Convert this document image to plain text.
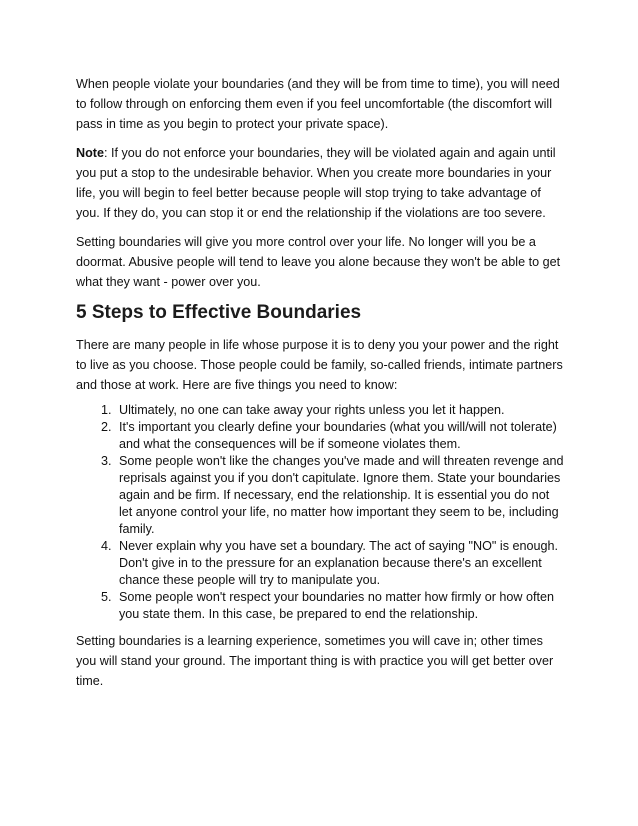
When people violate your boundaries (and they will be from time to time), you will need to follow through on enforcing them even if you feel uncomfortable (the discomfort will pass in time as you begin to protect your private space).

Note: If you do not enforce your boundaries, they will be violated again and again until you put a stop to the undesirable behavior. When you create more boundaries in your life, you will begin to feel better because people will stop trying to take advantage of you. If they do, you can stop it or end the relationship if the violations are too severe.

Setting boundaries will give you more control over your life. No longer will you be a doormat. Abusive people will tend to leave you alone because they won't be able to get what they want - power over you.

5 Steps to Effective Boundaries

There are many people in life whose purpose it is to deny you your power and the right to live as you choose. Those people could be family, so-called friends, intimate partners and those at work. Here are five things you need to know:

1. Ultimately, no one can take away your rights unless you let it happen.
2. It's important you clearly define your boundaries (what you will/will not tolerate) and what the consequences will be if someone violates them.
3. Some people won't like the changes you've made and will threaten revenge and reprisals against you if you don't capitulate. Ignore them. State your boundaries again and be firm. If necessary, end the relationship. It is essential you do not let anyone control your life, no matter how important they seem to be, including family.
4. Never explain why you have set a boundary. The act of saying "NO" is enough. Don't give in to the pressure for an explanation because there's an excellent chance these people will try to manipulate you.
5. Some people won't respect your boundaries no matter how firmly or how often you state them. In this case, be prepared to end the relationship.

Setting boundaries is a learning experience, sometimes you will cave in; other times you will stand your ground. The important thing is with practice you will get better over time.
